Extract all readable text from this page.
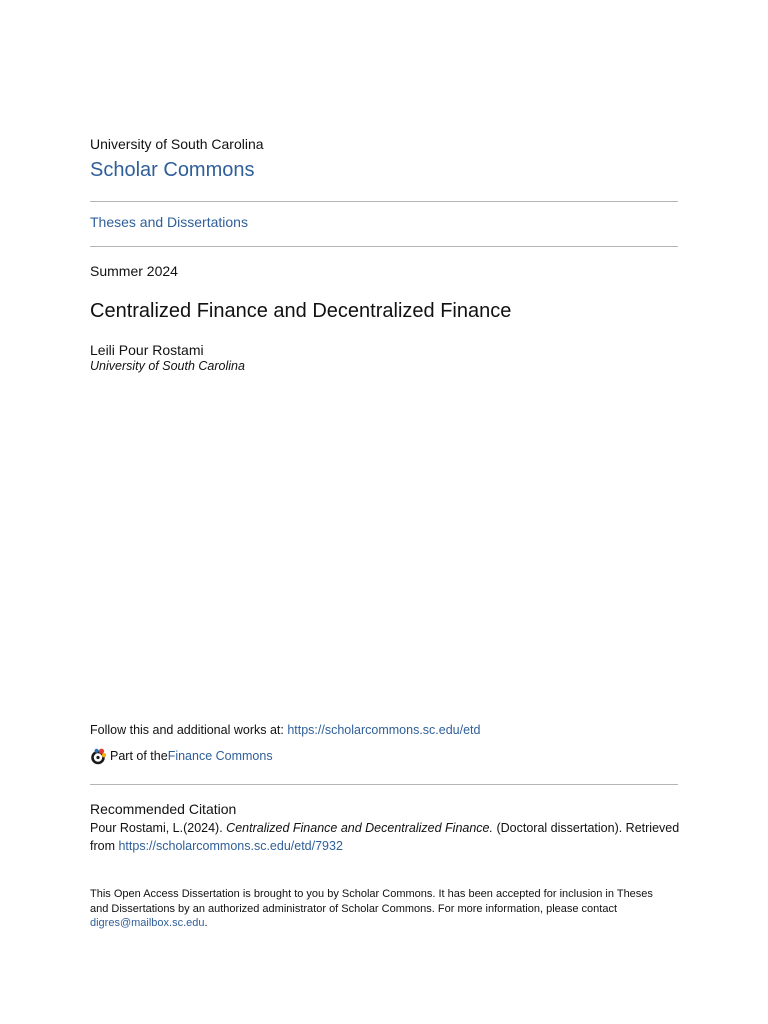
University of South Carolina
Scholar Commons
Theses and Dissertations
Summer 2024
Centralized Finance and Decentralized Finance
Leili Pour Rostami
University of South Carolina
Follow this and additional works at: https://scholarcommons.sc.edu/etd
Part of the Finance Commons
Recommended Citation
Pour Rostami, L.(2024). Centralized Finance and Decentralized Finance. (Doctoral dissertation). Retrieved from https://scholarcommons.sc.edu/etd/7932
This Open Access Dissertation is brought to you by Scholar Commons. It has been accepted for inclusion in Theses and Dissertations by an authorized administrator of Scholar Commons. For more information, please contact digres@mailbox.sc.edu.
